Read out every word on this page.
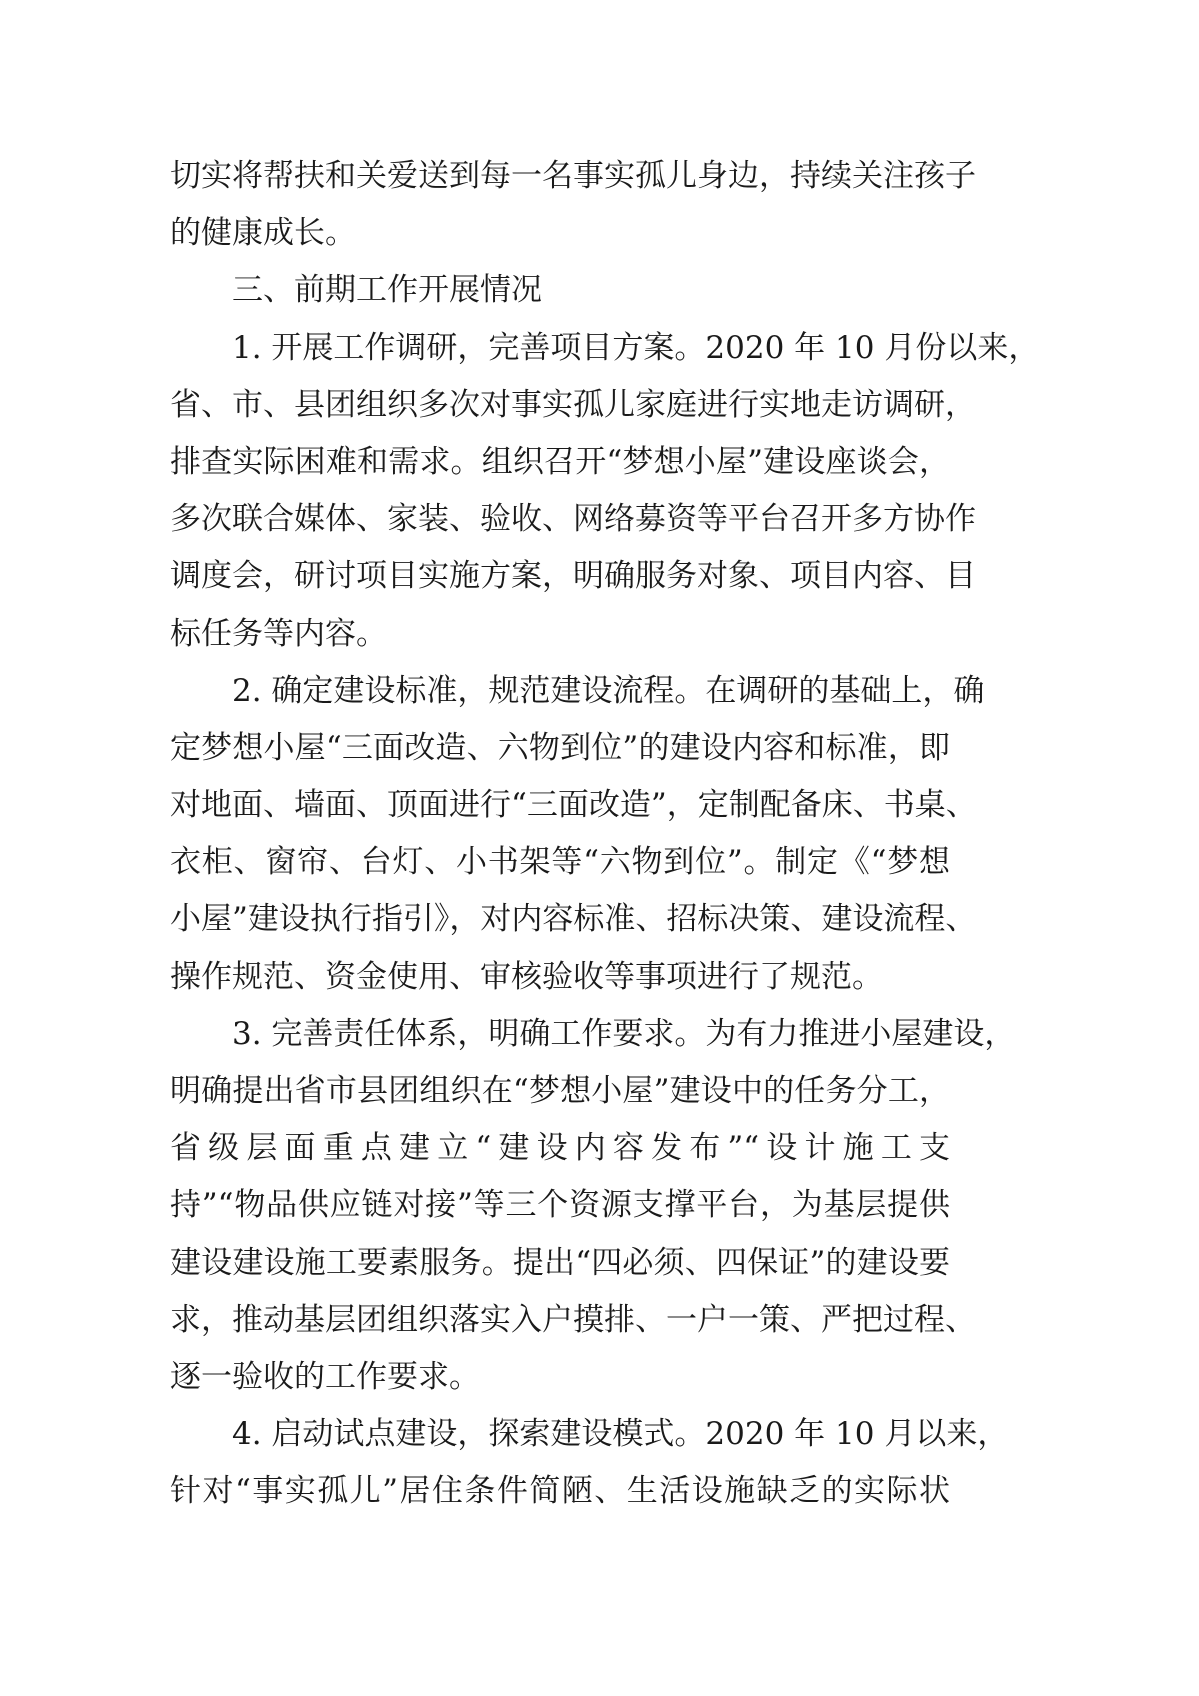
切实将帮扶和关爱送到每一名事实孤儿身边，持续关注孩子
的健康成长。
三、前期工作开展情况
1. 开展工作调研，完善项目方案。2020 年 10 月份以来，
省、市、县团组织多次对事实孤儿家庭进行实地走访调研，
排查实际困难和需求。组织召开“梦想小屋”建设座谈会，
多次联合媒体、家装、验收、网络募资等平台召开多方协作
调度会，研讨项目实施方案，明确服务对象、项目内容、目
标任务等内容。
2. 确定建设标准，规范建设流程。在调研的基础上，确
定梦想小屋“三面改造、六物到位”的建设内容和标准，即
对地面、墙面、顶面进行“三面改造”，定制配备床、书桌、
衣柜、窗帘、台灯、小书架等“六物到位”。制定《“梦想
小屋”建设执行指引》，对内容标准、招标决策、建设流程、
操作规范、资金使用、审核验收等事项进行了规范。
3. 完善责任体系，明确工作要求。为有力推进小屋建设，
明确提出省市县团组织在“梦想小屋”建设中的任务分工，
省级层面重点建立“建设内容发布”“设计施工支
持”“物品供应链对接”等三个资源支撑平台，为基层提供
建设建设施工要素服务。提出“四必须、四保证”的建设要
求，推动基层团组织落实入户摸排、一户一策、严把过程、
逐一验收的工作要求。
4. 启动试点建设，探索建设模式。2020 年 10 月以来，
针对“事实孤儿”居住条件简陋、生活设施缺乏的实际状
